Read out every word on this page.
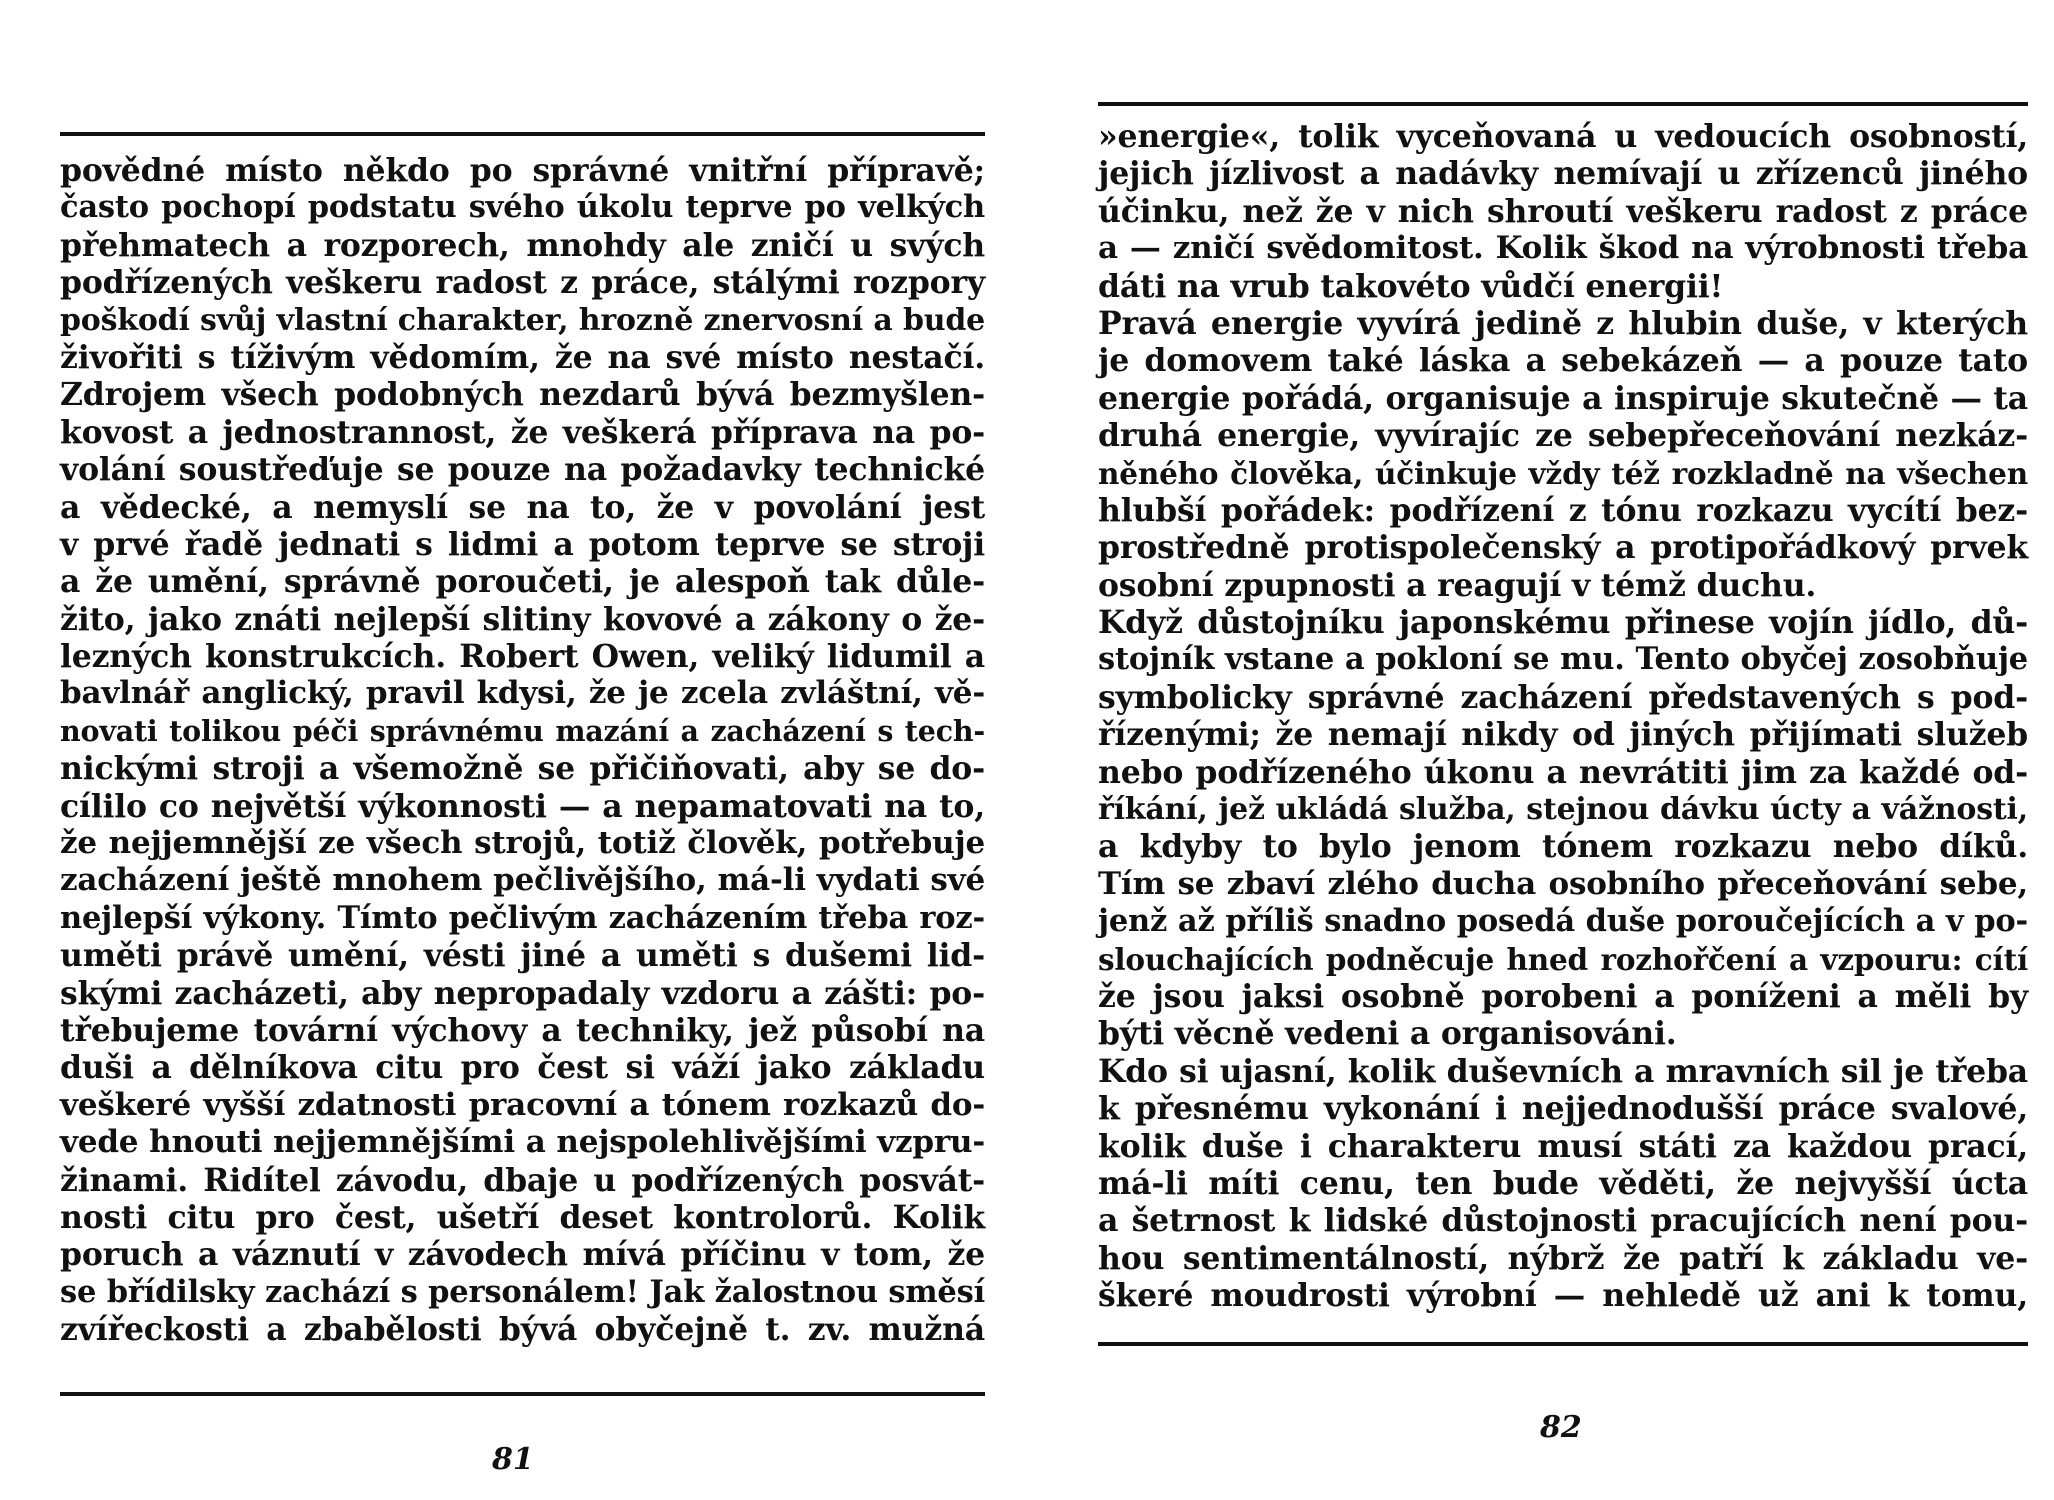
povědné místo někdo po správné vnitřní přípravě;
často pochopí podstatu svého úkolu teprve po velkých
přehmatech a rozporech, mnohdy ale zničí u svých
podřízených veškeru radost z práce, stálými rozpory
poškodí svůj vlastní charakter, hrozně znervosní a bude
živořiti s tíživým vědomím, že na své místo nestačí.
Zdrojem všech podobných nezdarů bývá bezmyšlen-
kovost a jednostrannost, že veškerá příprava na po-
volání soustřeďuje se pouze na požadavky technické
a vědecké, a nemyslí se na to, že v povolání jest
v prvé řadě jednati s lidmi a potom teprve se stroji
a že umění, správně poroučeti, je alespoň tak důle-
žito, jako znáti nejlepší slitiny kovové a zákony o že-
lezných konstrukcích. Robert Owen, veliký lidumil a
bavlnář anglický, pravil kdysi, že je zcela zvláštní, vě-
novati tolikou péči správnému mazání a zacházení s tech-
nickými stroji a všemožně se přičiňovati, aby se do-
cílilo co největší výkonnosti — a nepamatovati na to,
že nejjemnější ze všech strojů, totiž člověk, potřebuje
zacházení ještě mnohem pečlivějšího, má-li vydati své
nejlepší výkony. Tímto pečlivým zacházením třeba roz-
uměti právě umění, vésti jiné a uměti s dušemi lid-
skými zacházeti, aby nepropadaly vzdoru a zášti: po-
třebujeme tovární výchovy a techniky, jež působí na
duši a dělníkova citu pro čest si váží jako základu
veškeré vyšší zdatnosti pracovní a tónem rozkazů do-
vede hnouti nejjemnějšími a nejspolehlivějšími vzpru-
žinami. Ridítel závodu, dbaje u podřízených posvát-
nosti citu pro čest, ušetří deset kontrolorů. Kolik
poruch a váznutí v závodech mívá příčinu v tom, že
se břídilsky zachází s personálem! Jak žalostnou směsí
zvířeckosti a zbabělosti bývá obyčejně t. zv. mužná
»energie«, tolik vyceňovaná u vedoucích osobností,
jejich jízlivost a nadávky nemívají u zřízenců jiného
účinku, než že v nich shroutí veškeru radost z práce
a — zničí svědomitost. Kolik škod na výrobnosti třeba
dáti na vrub takovéto vůdčí energii!
Pravá energie vyvírá jedině z hlubin duše, v kterých
je domovem také láska a sebekázeň — a pouze tato
energie pořádá, organisuje a inspiruje skutečně — ta
druhá energie, vyvírajíc ze sebepřeceňování nezkáz-
něného člověka, účinkuje vždy též rozkladně na všechen
hlubší pořádek: podřízení z tónu rozkazu vycítí bez-
prostředně protispolečenský a protipořádkový prvek
osobní zpupnosti a reagují v témž duchu.
Když důstojníku japonskému přinese vojín jídlo, dů-
stojník vstane a pokloní se mu. Tento obyčej zosobňuje
symbolicky správné zacházení představených s pod-
řízenými; že nemají nikdy od jiných přijímati služeb
nebo podřízeného úkonu a nevrátiti jim za každé od-
říkání, jež ukládá služba, stejnou dávku úcty a vážnosti,
a kdyby to bylo jenom tónem rozkazu nebo díků.
Tím se zbaví zlého ducha osobního přeceňování sebe,
jenž až příliš snadno posedá duše poroučejících a v po-
slouchajících podněcuje hned rozhořčení a vzpouru: cítí
že jsou jaksi osobně porobeni a poníženi a měli by
býti věcně vedeni a organisováni.
Kdo si ujasní, kolik duševních a mravních sil je třeba
k přesnému vykonání i nejjednodušší práce svalové,
kolik duše i charakteru musí státi za každou prací,
má-li míti cenu, ten bude věděti, že nejvyšší úcta
a šetrnost k lidské důstojnosti pracujících není pou-
hou sentimentálností, nýbrž že patří k základu ve-
škeré moudrosti výrobní — nehledě už ani k tomu,
81
82
